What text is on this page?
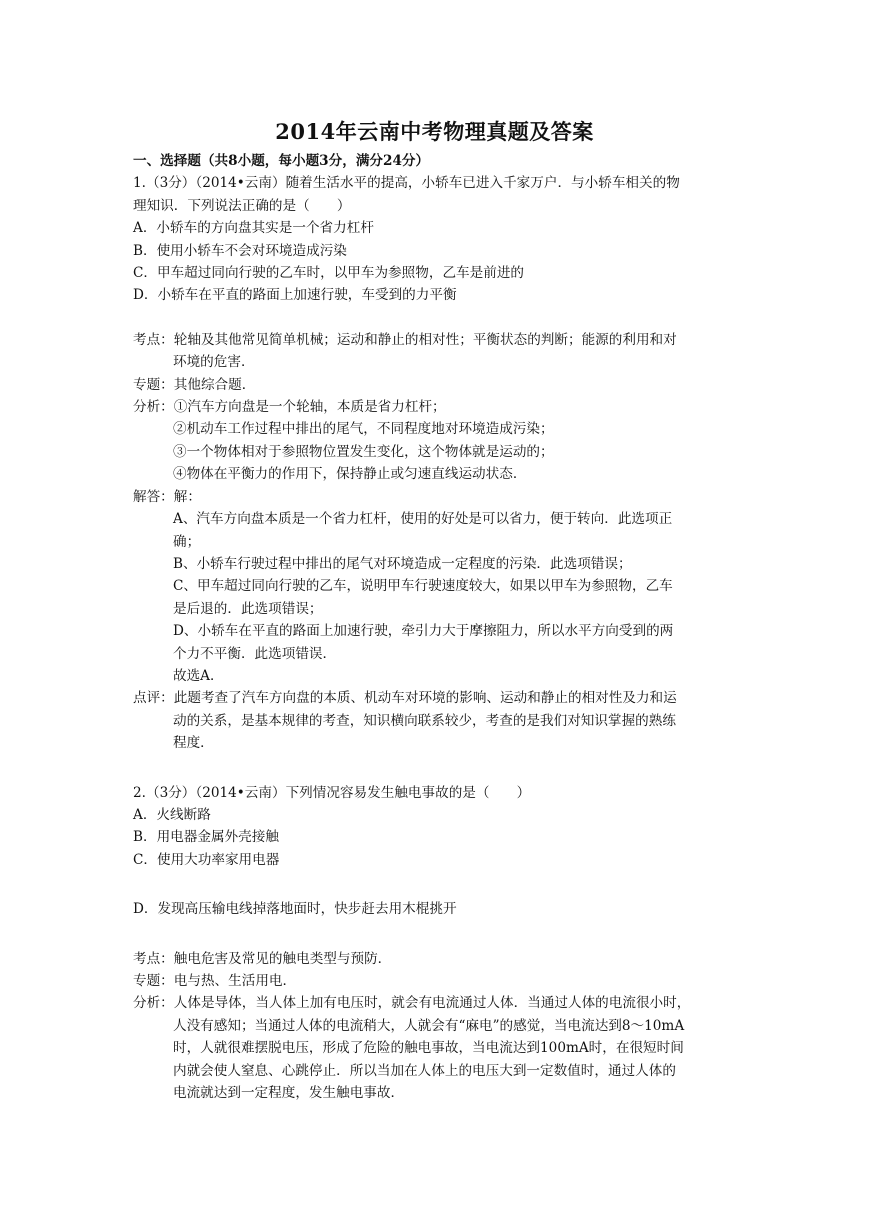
2014年云南中考物理真题及答案
一、选择题（共8小题，每小题3分，满分24分）
1.（3分）（2014•云南）随着生活水平的提高，小轿车已进入千家万户．与小轿车相关的物
理知识．下列说法正确的是（　　）
A．小轿车的方向盘其实是一个省力杠杆
B．使用小轿车不会对环境造成污染
C．甲车超过同向行驶的乙车时，以甲车为参照物，乙车是前进的
D．小轿车在平直的路面上加速行驶，车受到的力平衡
考点：轮轴及其他常见简单机械；运动和静止的相对性；平衡状态的判断；能源的利用和对
环境的危害．
专题：其他综合题．
分析：①汽车方向盘是一个轮轴，本质是省力杠杆；
②机动车工作过程中排出的尾气，不同程度地对环境造成污染；
③一个物体相对于参照物位置发生变化，这个物体就是运动的；
④物体在平衡力的作用下，保持静止或匀速直线运动状态．
解答：解：
A、汽车方向盘本质是一个省力杠杆，使用的好处是可以省力，便于转向．此选项正
确；
B、小轿车行驶过程中排出的尾气对环境造成一定程度的污染．此选项错误；
C、甲车超过同向行驶的乙车，说明甲车行驶速度较大，如果以甲车为参照物，乙车
是后退的．此选项错误；
D、小轿车在平直的路面上加速行驶，牵引力大于摩擦阻力，所以水平方向受到的两
个力不平衡．此选项错误．
故选A．
点评：此题考查了汽车方向盘的本质、机动车对环境的影响、运动和静止的相对性及力和运
动的关系，是基本规律的考查，知识横向联系较少，考查的是我们对知识掌握的熟练
程度．
2.（3分）（2014•云南）下列情况容易发生触电事故的是（　　）
A．火线断路
B．用电器金属外壳接触
C．使用大功率家用电器
D．发现高压输电线掉落地面时，快步赶去用木棍挑开
考点：触电危害及常见的触电类型与预防．
专题：电与热、生活用电．
分析：人体是导体，当人体上加有电压时，就会有电流通过人体．当通过人体的电流很小时，
人没有感知；当通过人体的电流稍大，人就会有“麻电”的感觉，当电流达到8～10mA
时，人就很难摆脱电压，形成了危险的触电事故，当电流达到100mA时，在很短时间
内就会使人窒息、心跳停止．所以当加在人体上的电压大到一定数值时，通过人体的
电流就达到一定程度，发生触电事故．
